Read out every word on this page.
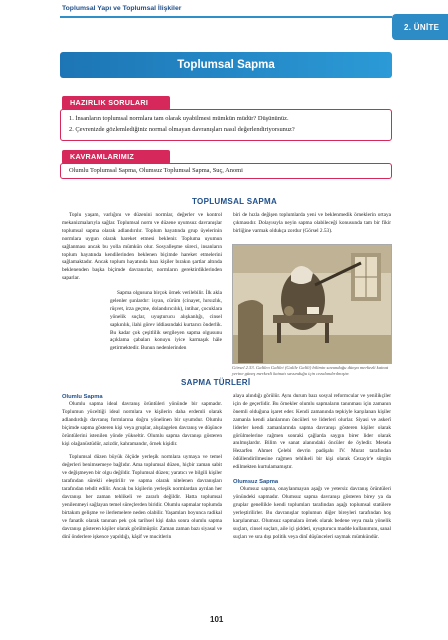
Toplumsal Yapı ve Toplumsal İlişkiler
2. ÜNİTE
Toplumsal Sapma
HAZIRLIK SORULARI

1. İnsanların toplumsal normlara tam olarak uyabilmesi mümkün müdür? Düşününüz.

2. Çevrenizde gözlemlediğiniz normal olmayan davranışları nasıl değerlendiriyorsunuz?

KAVRAMLARIMIZ

Olumlu Toplumsal Sapma, Olumsuz Toplumsal Sapma, Suç, Anomi

TOPLUMSAL SAPMA

Toplu yaşam, varlığını ve düzenini normlar, değerler ve kontrol mekanizmalarıyla sağlar. Toplumsal norm ve düzene uyumsuz davranışlar toplumsal sapma olarak adlandırılır. Toplum hayatında grup üyelerinin normlara uygun olarak hareket etmesi beklenir. Topluma uyumun sağlanması ancak bu yolla mümkün olur. Sosyalleşme süreci, insanların toplum hayatında kendilerinden beklenen biçimde hareket etmelerini sağlamaktadır. Ancak toplum hayatında bazı kişiler bırakın şartlar altında beklenenden başka biçimde davranırlar, normların gerektirdiklerinden saparlar.

Sapma olgusuna birçok örnek verilebilir. İlk akla gelenler şunlardır: isyan, cürüm (cinayet, hırsızlık, rüşvet, irza geçme, dolandırıcılık), intihar, çocuklara yönelik suçlar, uyuşturucu alışkanlığı, cinsel sapkınlık, ilahi görev iddiasındaki kurtarıcı önderlik. Bu kadar çok çeşitlilik sergileyen sapma olgusunu açıklama çabaları konuyu iyice karmaşık hâle getirmektedir. Bunun nedenlerinden

biri de hızla değişen toplumlarda yeni ve beklenmedik örneklerin ortaya çıkmasıdır. Dolayısıyla neyin sapma olabileceği konusunda tam bir fikir birliğine varmak oldukça zordur (Görsel 2.53).

Görsel 2.53. Galileo Galilei (Galile Galili) bilimin savunduğu dünya merkezli kainat yerine güneş merkezli kainatı savunduğu için cezalandırılmıştır.
SAPMA TÜRLERİ

Olumlu Sapma

Olumlu sapma ideal davranış örüntüleri yönünde bir sapmadır. Toplumun yüceltiği ideal normlara ve kişilerin daha erdemli olarak adlandırdığı davranış formlarına doğru yönelinen bir uyumdur. Olumlu biçimde sapma gösteren kişi veya gruplar, alışılagelen davranış ve düşünce örüntülerini istenilen yönde yükseltir. Olumlu sapma davranışı gösteren kişi olağanüstüdür, azizdir, kahramandır, örnek kişidir.

Toplumsal düzen büyük ölçüde yerleşik normlara uymaya ve temel değerleri benimsemeye bağlıdır. Ama toplumsal düzen, hiçbir zaman sabit ve değişmeyen bir olgu değildir. Toplumsal düzen; yaratıcı ve bilgili kişiler tarafından sürekli eleştirilir ve sapma olarak nitelenen davranışları tarafından tehdit edilir. Ancak bu kişilerin yerleşik normlardan ayrılan her davranışı her zaman tehlikeli ve zararlı değildir. Hatta toplumsal yenilenmeyi sağlayan temel süreçlerden biridir. Olumlu sapmalar toplumda birtakım gelişme ve ilerlemelere neden olabilir. Yaşamları boyunca radikal ve fanatik olarak tanınan pek çok tarihsel kişi daha sonra olumlu sapma davranışı gösteren kişiler olarak görülmüştür. Zaman zaman bazı siyasal ve dinî önderlere işkence yapıldığı, kâşif ve mucitlerin

alaya alındığı görülür. Aynı durum bazı sosyal reformcular ve yenilikçiler için de geçerlidir. Bu örnekler olumlu sapmaların tanınması için zamanın önemli olduğuna işaret eder. Kendi zamanında tepkiyle karşılanan kişiler zamanla kendi alanlarının öncüleri ve liderleri olurlar. Siyasi ve askerî liderler kendi zamanlarında sapma davranışı gösteren kişiler olarak görülmelerine rağmen sonraki çağlarda saygın birer lider olarak anılmışlardır. Bilim ve sanat alanındaki öncüler de öyledir. Mesela Hezarfen Ahmet Çelebi devrin padişahı IV. Murat tarafından ödüllendirilmesine rağmen tehlikeli bir kişi olarak Cezayir'e sürgün edilmekten kurtulamamıştır.

Olumsuz Sapma

Olumsuz sapma, onaylanmayan aşağı ve yetersiz davranış örüntüleri yönündeki sapmadır. Olumsuz sapma davranışı gösteren birey ya da gruplar genellikle kendi toplumları tarafından aşağı toplumsal statülere yerleştirilirler. Bu davranışlar toplumun diğer bireyleri tarafından hoş karşılanmaz. Olumsuz sapmalara örnek olarak bedene veya mala yönelik suçları, cinsel suçları, aile içi şiddeti, uyuşturucu madde kullanımını, sanal suçları ve sıra dışı politik veya dinî düşünceleri saymak mümkündür.

101
